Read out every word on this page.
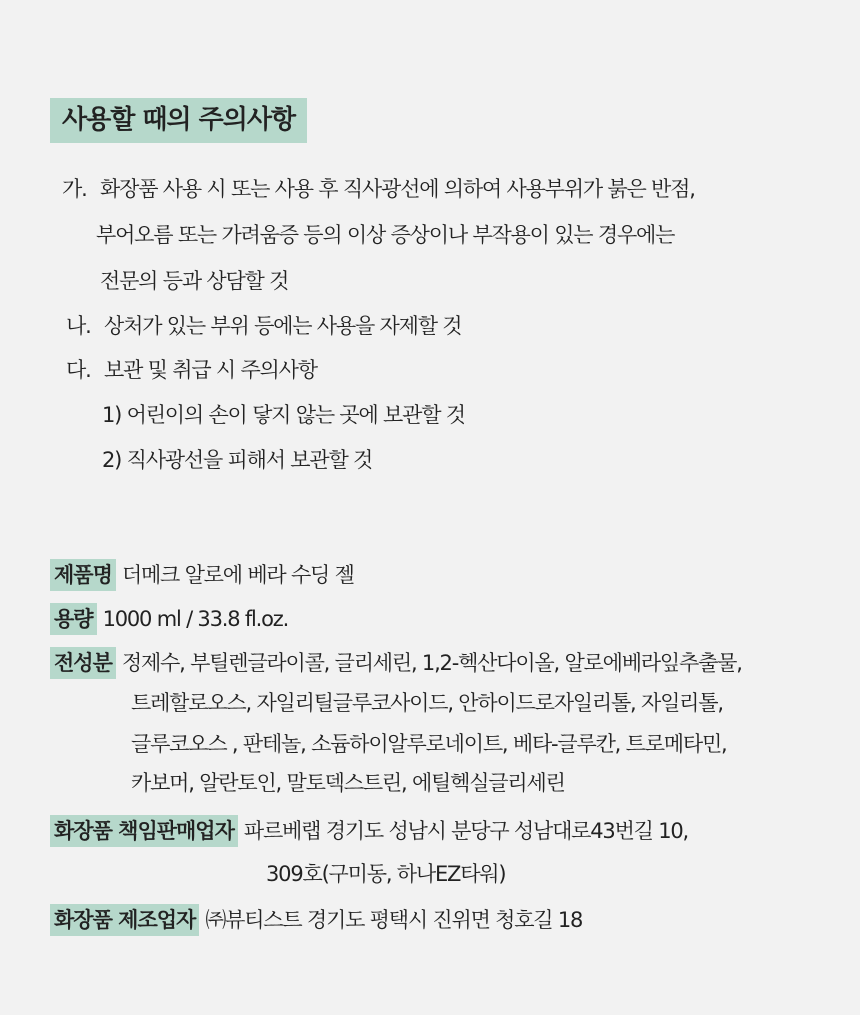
사용할 때의 주의사항
가. 화장품 사용 시 또는 사용 후 직사광선에 의하여 사용부위가 붉은 반점,
부어오름 또는 가려움증 등의 이상 증상이나 부작용이 있는 경우에는
전문의 등과 상담할 것
나. 상처가 있는 부위 등에는 사용을 자제할 것
다. 보관 및 취급 시 주의사항
1) 어린이의 손이 닿지 않는 곳에 보관할 것
2) 직사광선을 피해서 보관할 것
제품명 더메크 알로에 베라 수딩 젤
용량 1000 ml / 33.8 fl.oz.
전성분 정제수, 부틸렌글라이콜, 글리세린, 1,2-헥산다이올, 알로에베라잎추출물,
트레할로오스, 자일리틸글루코사이드, 안하이드로자일리톨, 자일리톨,
글루코오스 , 판테놀, 소듐하이알루로네이트, 베타-글루칸, 트로메타민,
카보머, 알란토인, 말토덱스트린, 에틸헥실글리세린
화장품 책임판매업자 파르베랩 경기도 성남시 분당구 성남대로43번길 10,
309호(구미동, 하나EZ타워)
화장품 제조업자 ㈜뷰티스트 경기도 평택시 진위면 청호길 18
